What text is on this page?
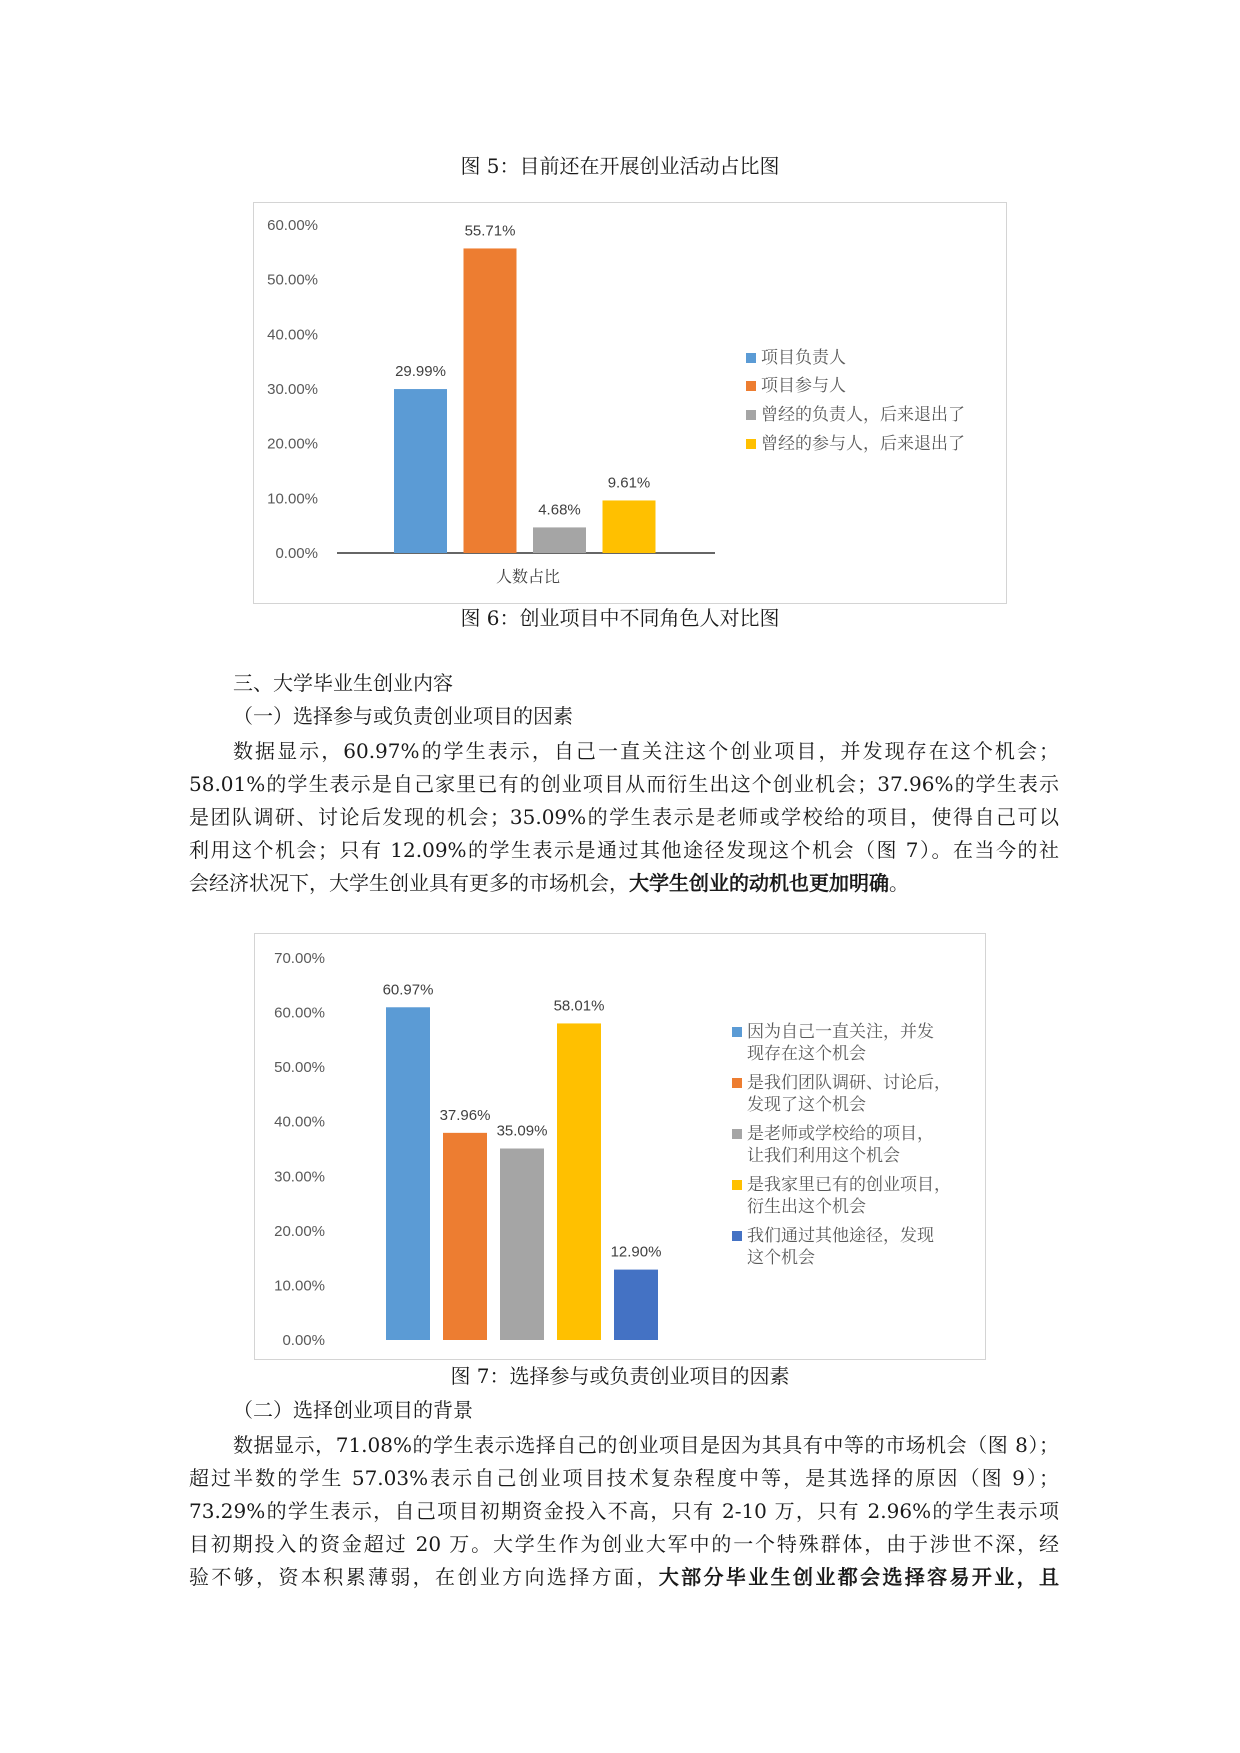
图 5：目前还在开展创业活动占比图
0.00%
10.00%
20.00%
30.00%
40.00%
50.00%
60.00%
29.99%
55.71%
4.68%
9.61%
人数占比
项目负责人
项目参与人
曾经的负责人，后来退出了
曾经的参与人，后来退出了
图 6：创业项目中不同角色人对比图
三、大学毕业生创业内容
（一）选择参与或负责创业项目的因素
数据显示，60.97%的学生表示，自己一直关注这个创业项目，并发现存在这个机会；
58.01%的学生表示是自己家里已有的创业项目从而衍生出这个创业机会；37.96%的学生表示
是团队调研、讨论后发现的机会；35.09%的学生表示是老师或学校给的项目，使得自己可以
利用这个机会；只有 12.09%的学生表示是通过其他途径发现这个机会（图 7）。在当今的社
会经济状况下，大学生创业具有更多的市场机会，大学生创业的动机也更加明确。
0.00%
10.00%
20.00%
30.00%
40.00%
50.00%
60.00%
70.00%
60.97%
37.96%
35.09%
58.01%
12.90%
因为自己一直关注，并发
现存在这个机会
是我们团队调研、讨论后，
发现了这个机会
是老师或学校给的项目，
让我们利用这个机会
是我家里已有的创业项目，
衍生出这个机会
我们通过其他途径，发现
这个机会
图 7：选择参与或负责创业项目的因素
（二）选择创业项目的背景
数据显示，71.08%的学生表示选择自己的创业项目是因为其具有中等的市场机会（图 8）；
超过半数的学生 57.03%表示自己创业项目技术复杂程度中等，是其选择的原因（图 9）；
73.29%的学生表示，自己项目初期资金投入不高，只有 2-10 万，只有 2.96%的学生表示项
目初期投入的资金超过 20 万。大学生作为创业大军中的一个特殊群体，由于涉世不深，经
验不够，资本积累薄弱，在创业方向选择方面，大部分毕业生创业都会选择容易开业，且
